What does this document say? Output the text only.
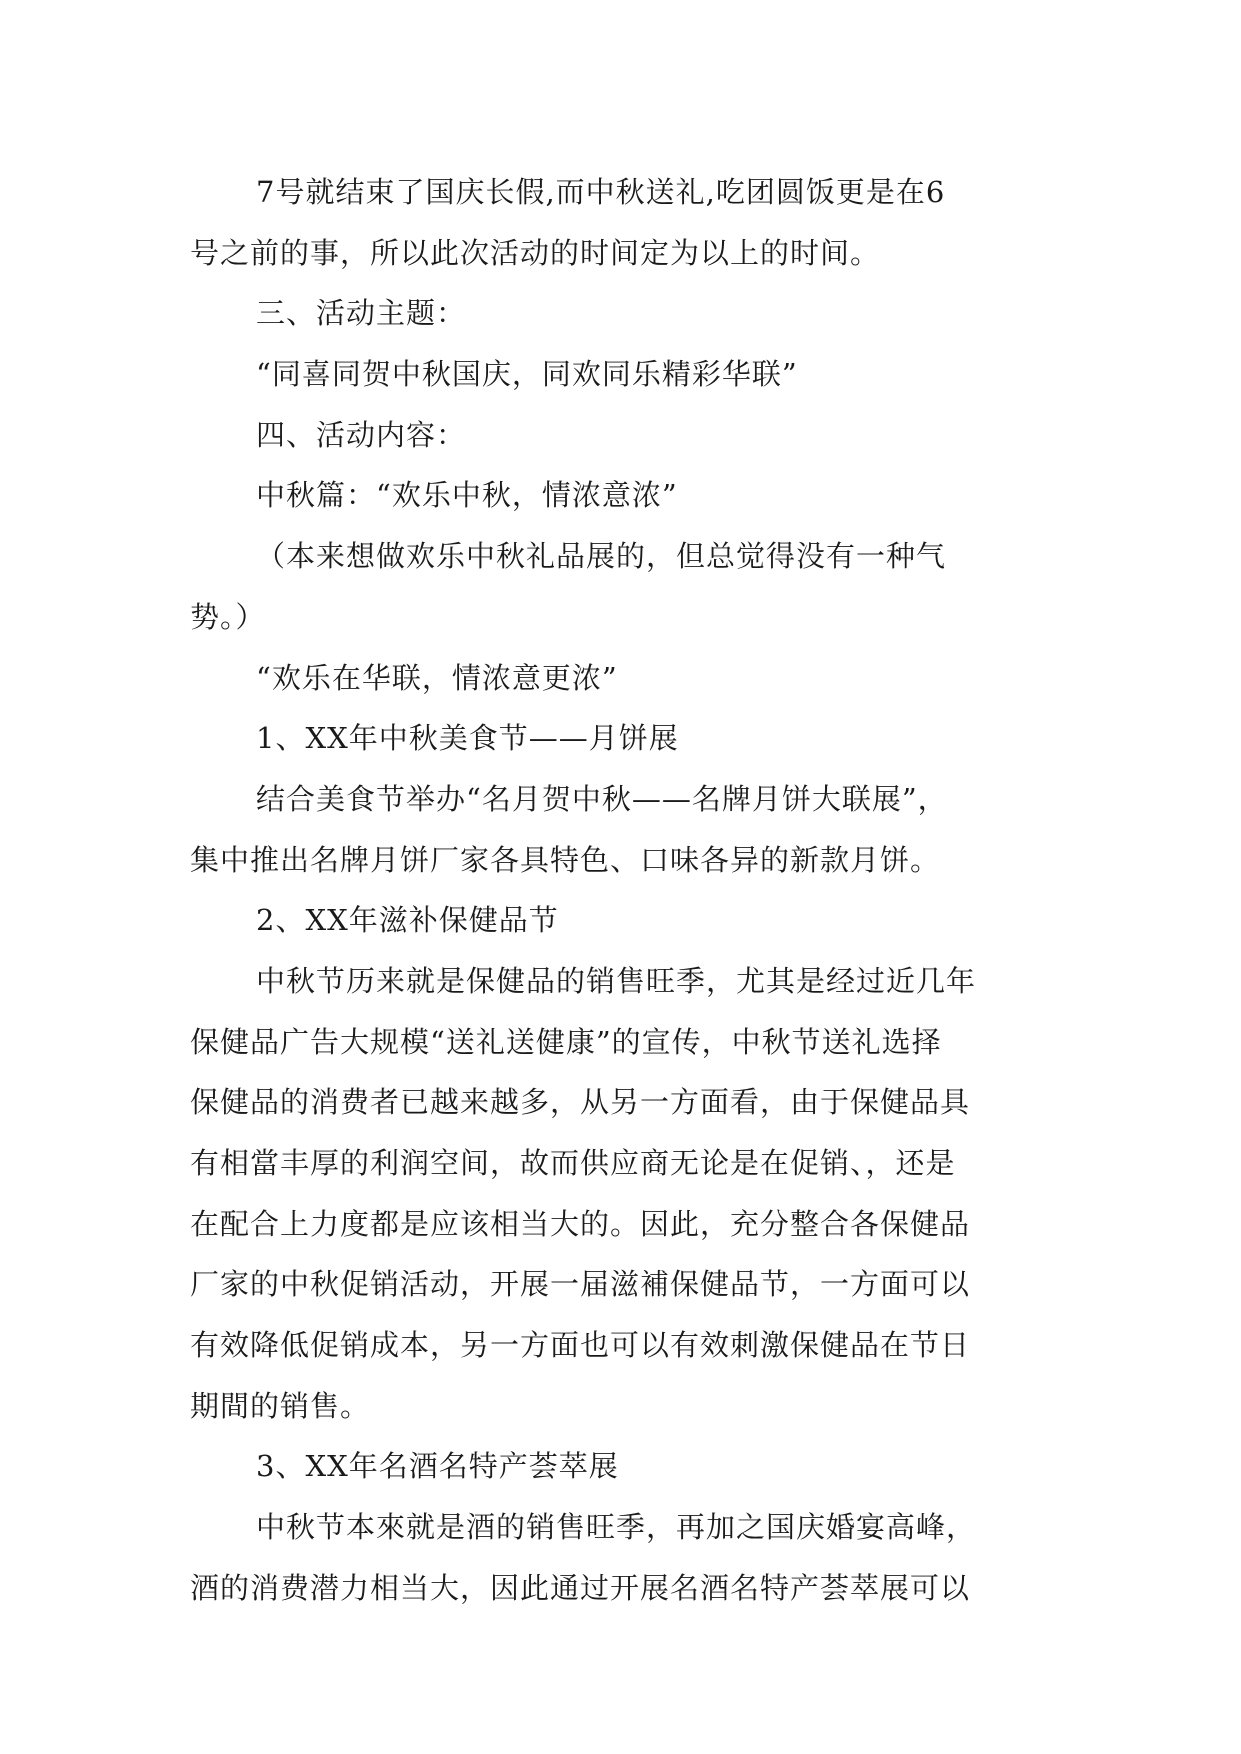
7号就结束了国庆长假,而中秋送礼,吃团圆饭更是在6
号之前的事，所以此次活动的时间定为以上的时间。
三、活动主题：
“同喜同贺中秋国庆，同欢同乐精彩华联”
四、活动内容：
中秋篇：“欢乐中秋，情浓意浓”
（本来想做欢乐中秋礼品展的，但总觉得没有一种气
势。）
“欢乐在华联，情浓意更浓”
1、XX年中秋美食节——月饼展
结合美食节举办“名月贺中秋——名牌月饼大联展”，
集中推出名牌月饼厂家各具特色、口味各异的新款月饼。
2、XX年滋补保健品节
中秋节历来就是保健品的销售旺季，尤其是经过近几年
保健品广告大规模“送礼送健康”的宣传，中秋节送礼选择
保健品的消费者已越来越多，从另一方面看，由于保健品具
有相當丰厚的利润空间，故而供应商无论是在促销、，还是
在配合上力度都是应该相当大的。因此，充分整合各保健品
厂家的中秋促销活动，开展一届滋補保健品节，一方面可以
有效降低促销成本，另一方面也可以有效刺激保健品在节日
期間的销售。
3、XX年名酒名特产荟萃展
中秋节本來就是酒的销售旺季，再加之国庆婚宴高峰，
酒的消费潜力相当大，因此通过开展名酒名特产荟萃展可以
